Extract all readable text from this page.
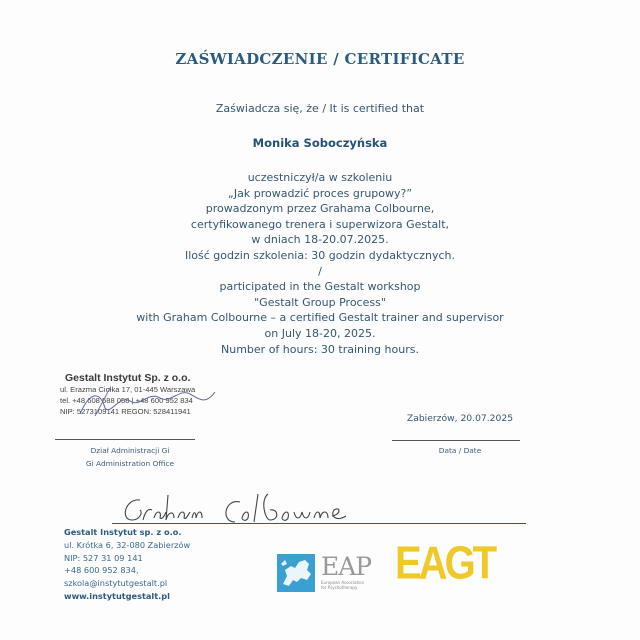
ZAŚWIADCZENIE / CERTIFICATE
Zaświadcza się, że / It is certified that
Monika Soboczyńska
uczestniczył/a w szkoleniu
„Jak prowadzić proces grupowy?”
prowadzonym przez Grahama Colbourne,
certyfikowanego trenera i superwizora Gestalt,
w dniach 18-20.07.2025.
Ilość godzin szkolenia: 30 godzin dydaktycznych.
/
participated in the Gestalt workshop
"Gestalt Group Process"
with Graham Colbourne – a certified Gestalt trainer and supervisor
on July 18-20, 2025.
Number of hours: 30 training hours.
Gestalt Instytut Sp. z o.o.
ul. Erazma Ciołka 17, 01-445 Warszawa
tel. +48 608 588 058 | +48 600 952 834
NIP: 5273109141 REGON: 528411941
Dział Administracji Gi
Gi Administration Office
Zabierzów, 20.07.2025
Data / Date
Gestalt Instytut sp. z o.o.
ul. Krótka 6, 32-080 Zabierzów
NIP: 527 31 09 141
+48 600 952 834,
szkola@instytutgestalt.pl
www.instytutgestalt.pl
EAP
European Association
for Psychotherapy EAGT
